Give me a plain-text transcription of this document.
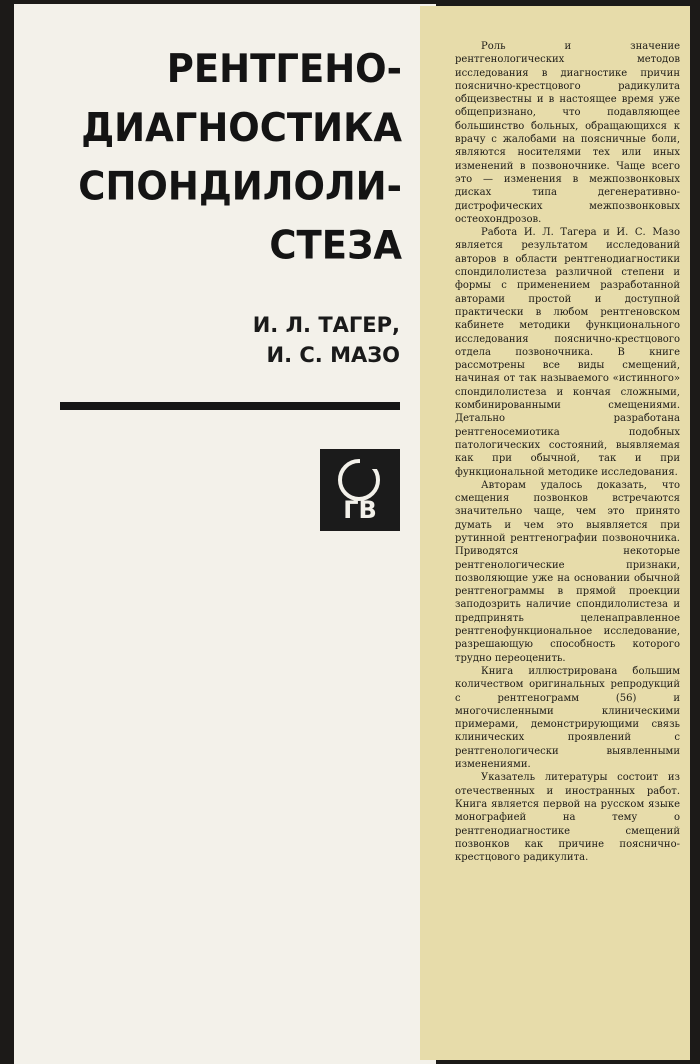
РЕНТГЕНО-
ДИАГНОСТИКА
СПОНДИЛОЛИ-
СТЕЗА
И. Л. ТАГЕР,
И. С. МАЗО
ГВ

Роль и значение рентгенологических методов исследования в диагностике причин пояснично-крестцового радикулита общеизвестны и в настоящее время уже общепризнано, что подавляющее большинство больных, обращающихся к врачу с жалобами на поясничные боли, являются носителями тех или иных изменений в позвоночнике. Чаще всего это — изменения в межпозвонковых дисках типа дегенеративно-дистрофических межпозвонковых остеохондрозов.

Работа И. Л. Тагера и И. С. Мазо является результатом исследований авторов в области рентгенодиагностики спондилолистеза различной степени и формы с применением разработанной авторами простой и доступной практически в любом рентгеновском кабинете методики функционального исследования пояснично-крестцового отдела позвоночника. В книге рассмотрены все виды смещений, начиная от так называемого «истинного» спондилолистеза и кончая сложными, комбинированными смещениями. Детально разработана рентгеносемиотика подобных патологических состояний, выявляемая как при обычной, так и при функциональной методике исследования.

Авторам удалось доказать, что смещения позвонков встречаются значительно чаще, чем это принято думать и чем это выявляется при рутинной рентгенографии позвоночника. Приводятся некоторые рентгенологические признаки, позволяющие уже на основании обычной рентгенограммы в прямой проекции заподозрить наличие спондилолистеза и предпринять целенаправленное рентгенофункциональное исследование, разрешающую способность которого трудно переоценить.

Книга иллюстрирована большим количеством оригинальных репродукций с рентгенограмм (56) и многочисленными клиническими примерами, демонстрирующими связь клинических проявлений с рентгенологически выявленными изменениями.

Указатель литературы состоит из отечественных и иностранных работ. Книга является первой на русском языке монографией на тему о рентгенодиагностике смещений позвонков как причине пояснично-крестцового радикулита.
